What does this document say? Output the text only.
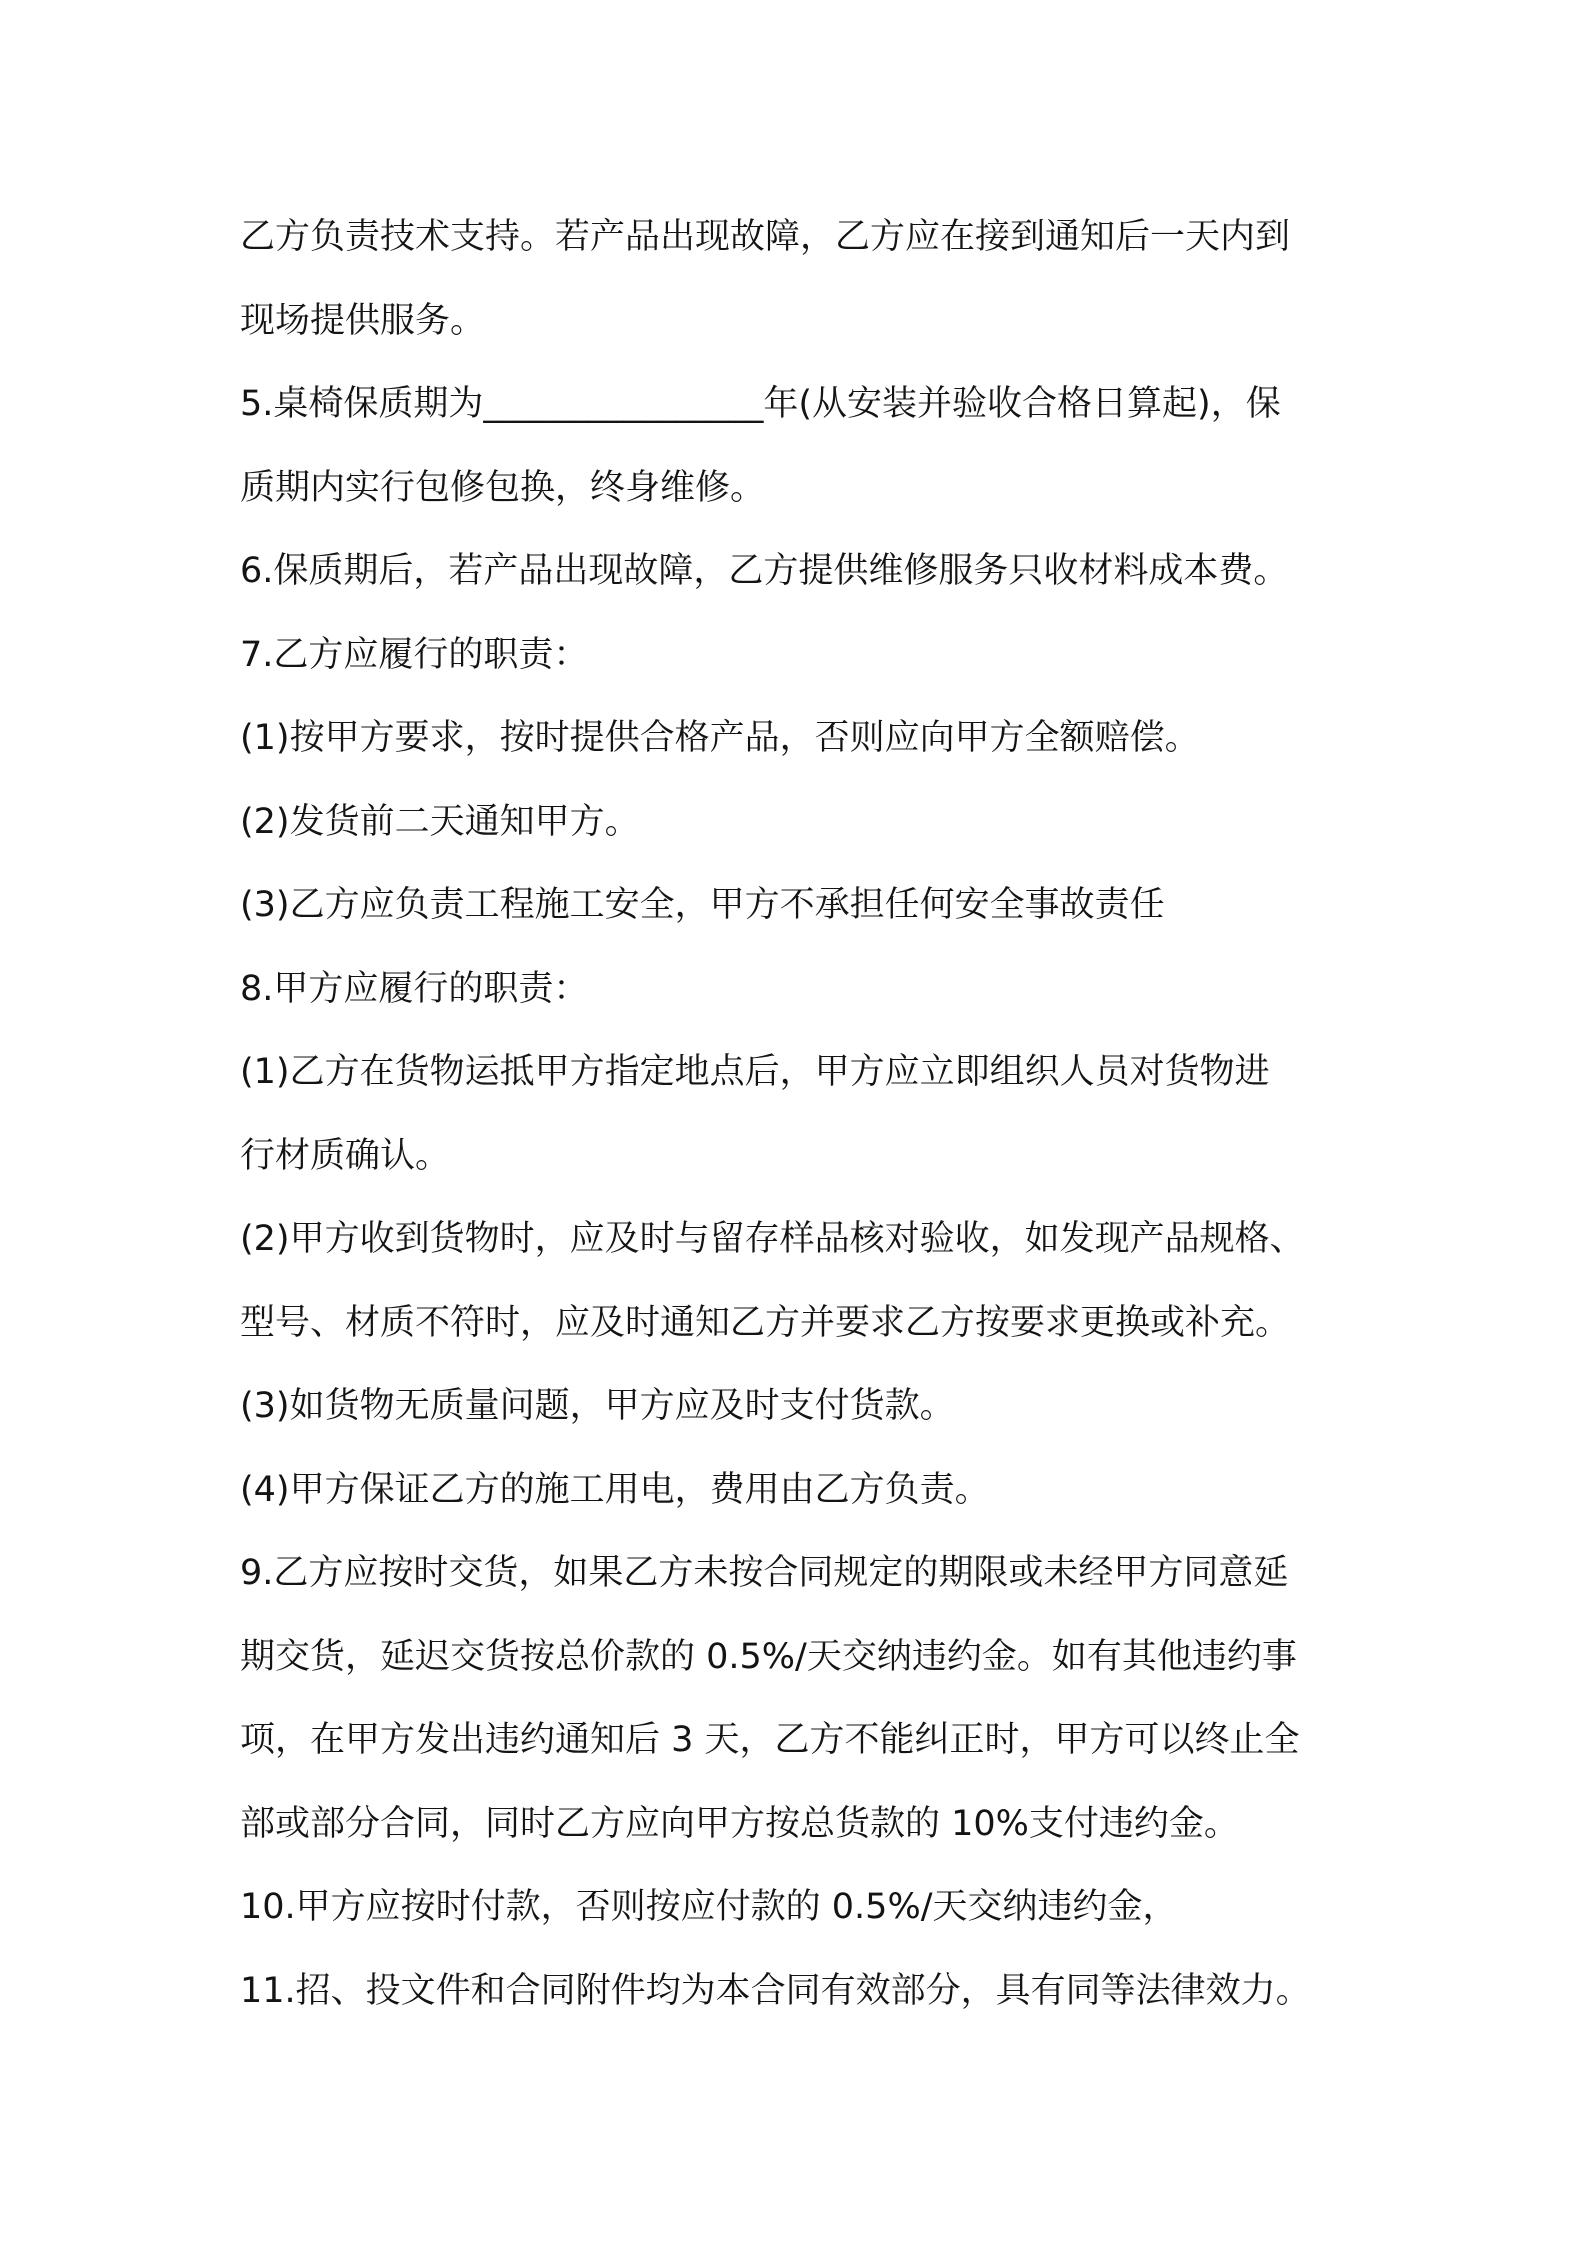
乙方负责技术支持。若产品出现故障，乙方应在接到通知后一天内到
现场提供服务。
5.桌椅保质期为________________年(从安装并验收合格日算起)，保
质期内实行包修包换，终身维修。
6.保质期后，若产品出现故障，乙方提供维修服务只收材料成本费。
7.乙方应履行的职责：
(1)按甲方要求，按时提供合格产品，否则应向甲方全额赔偿。
(2)发货前二天通知甲方。
(3)乙方应负责工程施工安全，甲方不承担任何安全事故责任
8.甲方应履行的职责：
(1)乙方在货物运抵甲方指定地点后，甲方应立即组织人员对货物进
行材质确认。
(2)甲方收到货物时，应及时与留存样品核对验收，如发现产品规格、
型号、材质不符时，应及时通知乙方并要求乙方按要求更换或补充。
(3)如货物无质量问题，甲方应及时支付货款。
(4)甲方保证乙方的施工用电，费用由乙方负责。
9.乙方应按时交货，如果乙方未按合同规定的期限或未经甲方同意延
期交货，延迟交货按总价款的 0.5%/天交纳违约金。如有其他违约事
项，在甲方发出违约通知后 3 天，乙方不能纠正时，甲方可以终止全
部或部分合同，同时乙方应向甲方按总货款的 10%支付违约金。
10.甲方应按时付款，否则按应付款的 0.5%/天交纳违约金，
11.招、投文件和合同附件均为本合同有效部分，具有同等法律效力。
